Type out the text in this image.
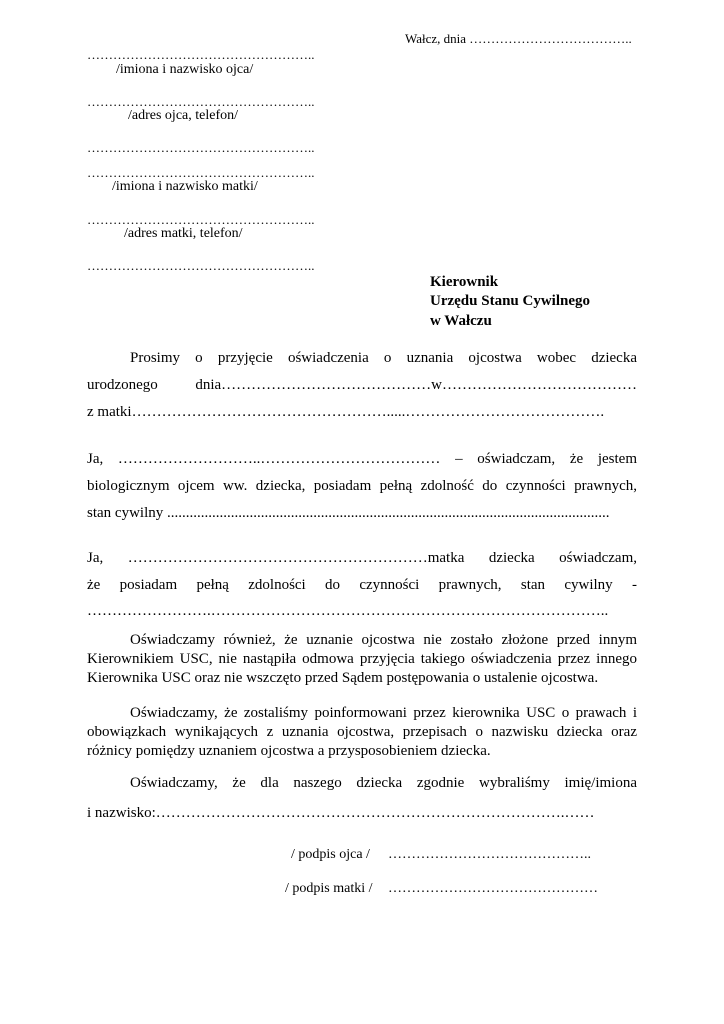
Wałcz, dnia ………………………………..
……………………………………………..
/imiona i nazwisko ojca/
……………………………………………..
/adres ojca, telefon/
……………………………………………..
……………………………………………..
/imiona i nazwisko matki/
……………………………………………..
/adres matki, telefon/
……………………………………………..
Kierownik
Urzędu Stanu Cywilnego
w Wałczu
Prosimy o przyjęcie oświadczenia o uznania ojcostwa wobec dziecka
urodzonego dnia……………………………………w…………………………………
z matki…………………………………………….....………………………………….
Ja, ………………………..……………………………… – oświadczam, że jestem
biologicznym ojcem ww. dziecka, posiadam pełną zdolność do czynności prawnych,
stan cywilny ......................................................................................................................
Ja, ……………………………………………………matka dziecka oświadczam,
że posiadam pełną zdolności do czynności prawnych, stan cywilny -
…………………….……………………………………………………………………..
Oświadczamy również, że uznanie ojcostwa nie zostało złożone przed innym Kierownikiem USC, nie nastąpiła odmowa przyjęcia takiego oświadczenia przez innego Kierownika USC oraz nie wszczęto przed Sądem postępowania o ustalenie ojcostwa.
Oświadczamy, że zostaliśmy poinformowani przez kierownika USC o prawach i obowiązkach wynikających z uznania ojcostwa, przepisach o nazwisku dziecka oraz różnicy pomiędzy uznaniem ojcostwa a przysposobieniem dziecka.
Oświadczamy, że dla naszego dziecka zgodnie wybraliśmy imię/imiona
i nazwisko:……………………………………………………………………….……
/ podpis ojca / ……………………………………..
/ podpis matki / ………………………………………
